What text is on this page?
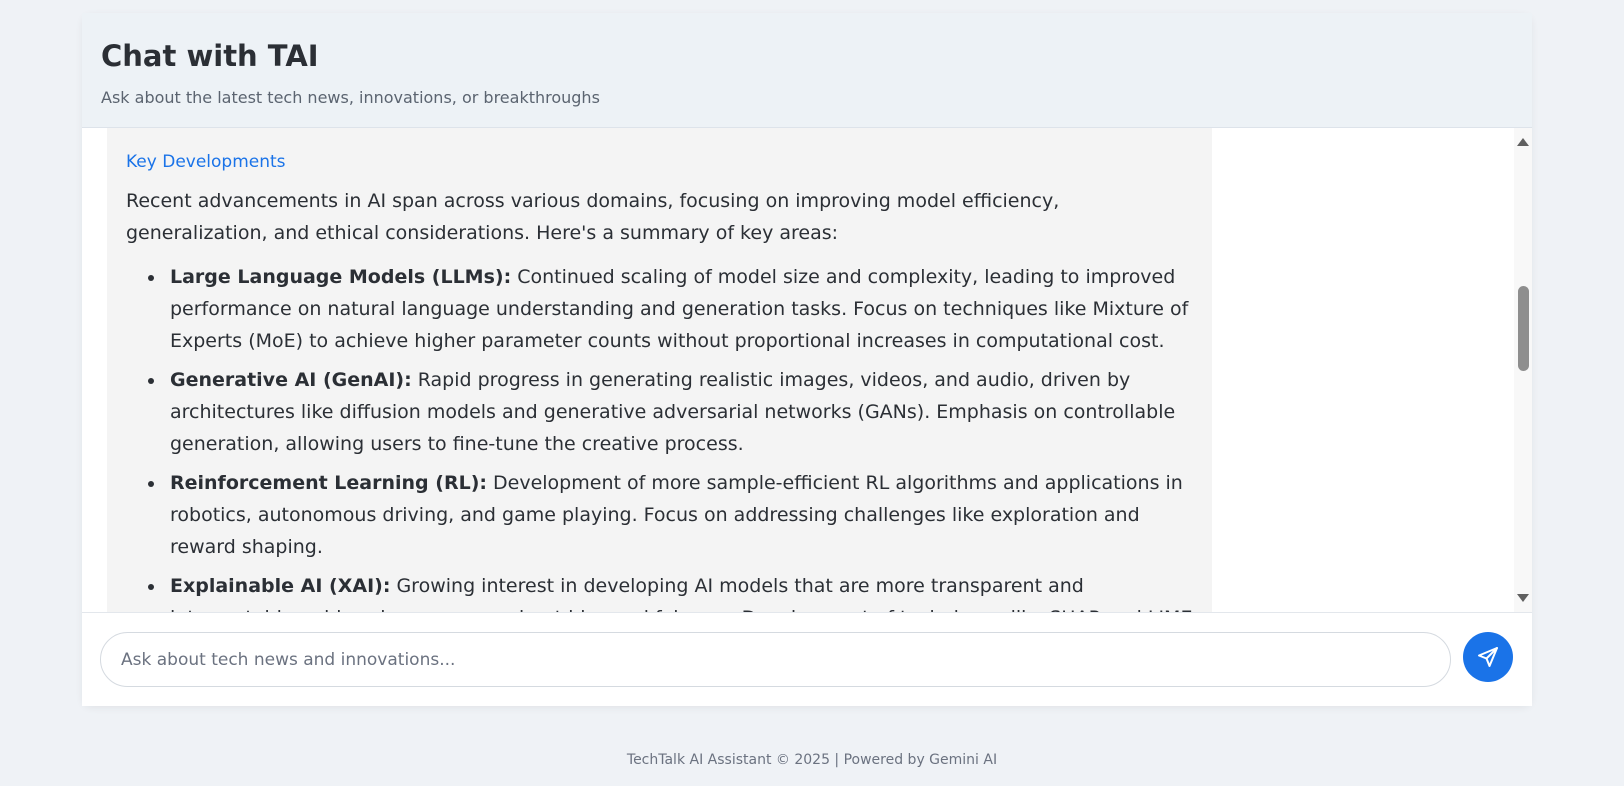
Chat with TAI

Ask about the latest tech news, innovations, or breakthroughs

Key Developments

Recent advancements in AI span across various domains, focusing on improving model efficiency, generalization, and ethical considerations. Here's a summary of key areas:

Large Language Models (LLMs): Continued scaling of model size and complexity, leading to improved performance on natural language understanding and generation tasks. Focus on techniques like Mixture of Experts (MoE) to achieve higher parameter counts without proportional increases in computational cost.
Generative AI (GenAI): Rapid progress in generating realistic images, videos, and audio, driven by architectures like diffusion models and generative adversarial networks (GANs). Emphasis on controllable generation, allowing users to fine-tune the creative process.
Reinforcement Learning (RL): Development of more sample-efficient RL algorithms and applications in robotics, autonomous driving, and game playing. Focus on addressing challenges like exploration and reward shaping.
Explainable AI (XAI): Growing interest in developing AI models that are more transparent and
Ask about tech news and innovations...
TechTalk AI Assistant © 2025 | Powered by Gemini AI
